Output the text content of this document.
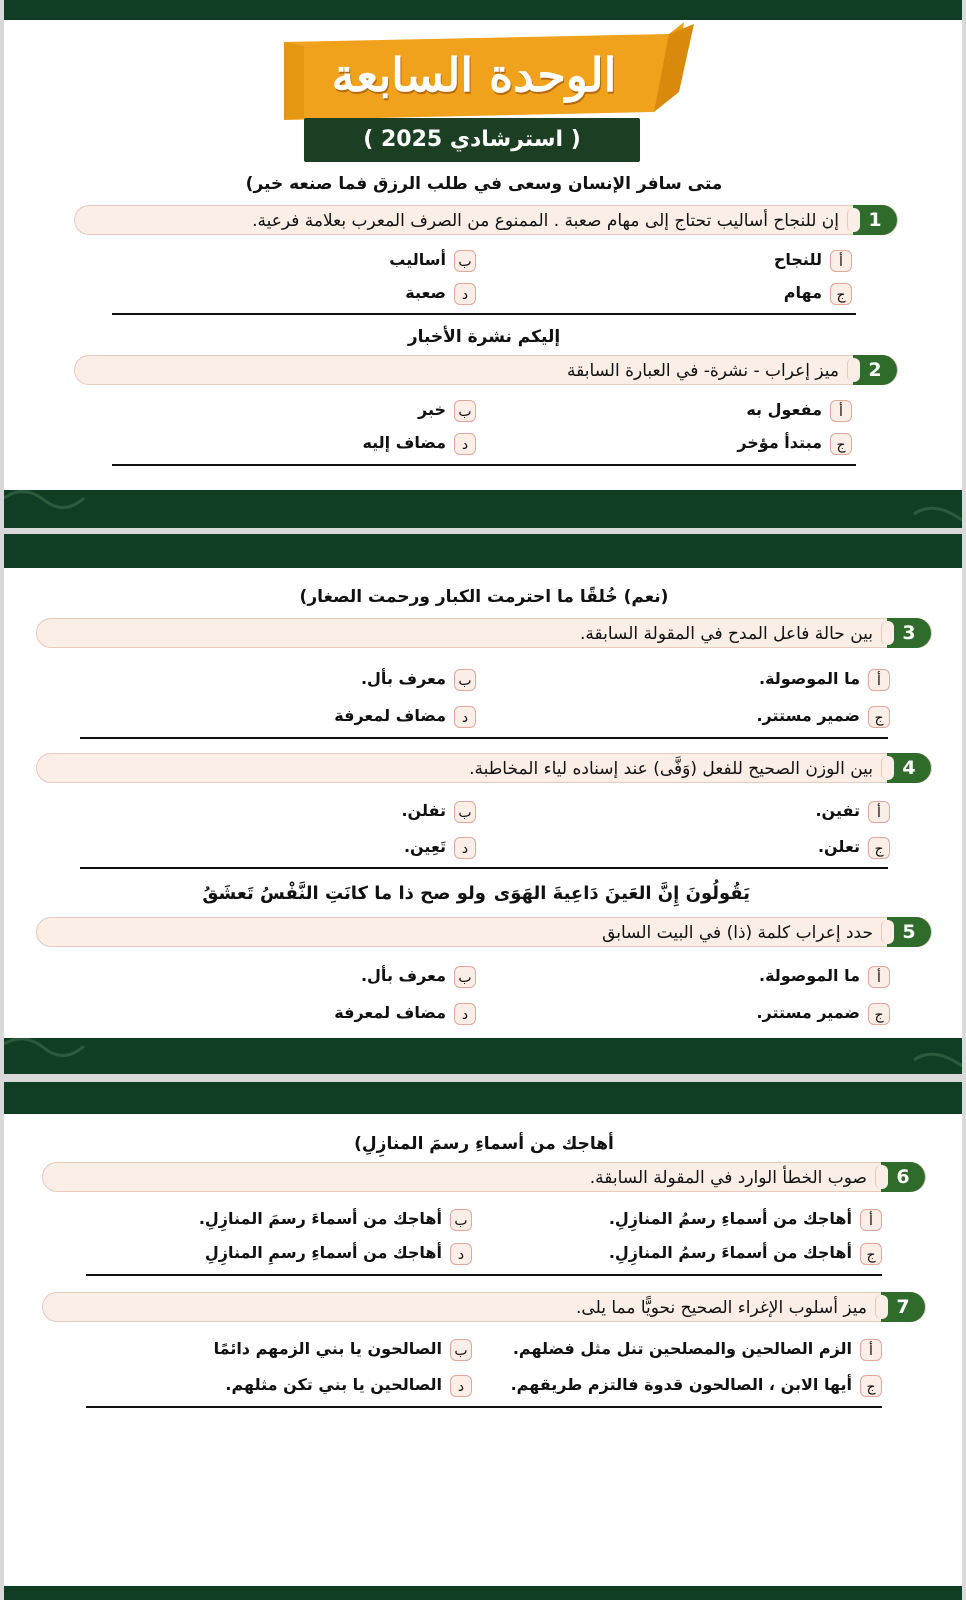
الوحدة السابعة
( استرشادي 2025 )
متى سافر الإنسان وسعى في طلب الرزق فما صنعه خير)
1
إن للنجاح أساليب تحتاج إلى مهام صعبة . الممنوع من الصرف المعرب بعلامة فرعية.
أللنجاح
بأساليب
جمهام
دصعبة
إليكم نشرة الأخبار
2
ميز إعراب - نشرة- في العبارة السابقة
أمفعول به
بخبر
جمبتدأ مؤخر
دمضاف إليه
(نعم) خُلقًا ما احترمت الكبار ورحمت الصغار)
3
بين حالة فاعل المدح في المقولة السابقة.
أما الموصولة.
بمعرف بأل.
جضمير مستتر.
دمضاف لمعرفة
4
بين الوزن الصحيح للفعل (وَفَّى) عند إسناده لياء المخاطبة.
أتفين.
بتفلن.
جتعلن.
دتَعِين.
يَقُولُونَ إِنَّ العَينَ دَاعِيةَ الهَوَى
ولو صح ذا ما كانَتِ النَّفْسُ تَعشَقُ
5
حدد إعراب كلمة (ذا) في البيت السابق
أما الموصولة.
بمعرف بأل.
جضمير مستتر.
دمضاف لمعرفة
أهاجك من أسماءِ رسمَ المنازِلِ)
6
صوب الخطأ الوارد في المقولة السابقة.
أأهاجك من أسماءِ رسمُ المنازِلِ.
بأهاجك من أسماءَ رسمَ المنازِلِ.
جأهاجك من أسماءَ رسمُ المنازِلِ.
دأهاجك من أسماءِ رسمِ المنازِلِ
7
ميز أسلوب الإغراء الصحيح نحويًّا مما يلى.
أالزم الصالحين والمصلحين تنل مثل فضلهم.
بالصالحون يا بني الزمهم دائمًا
جأيها الابن ، الصالحون قدوة فالتزم طريقهم.
دالصالحين يا بني تكن مثلهم.
